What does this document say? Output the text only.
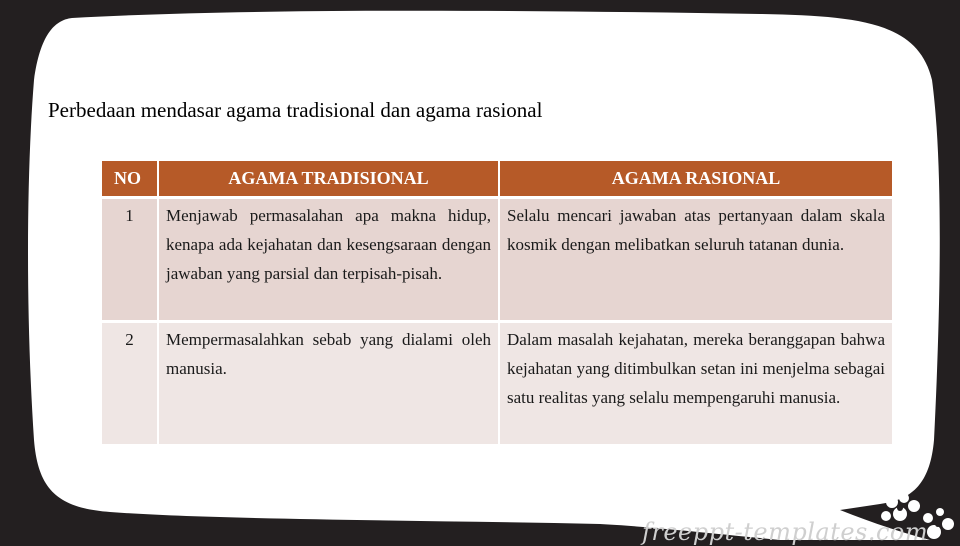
Perbedaan mendasar agama tradisional dan agama rasional
NO	AGAMA TRADISIONAL	AGAMA RASIONAL
1	Menjawab permasalahan apa makna hidup, kenapa ada kejahatan dan kesengsaraan dengan jawaban yang parsial dan terpisah-pisah.	Selalu mencari jawaban atas pertanyaan dalam skala kosmik dengan melibatkan seluruh tatanan dunia.
2	Mempermasalahkan sebab yang dialami oleh manusia.	Dalam masalah kejahatan, mereka beranggapan bahwa kejahatan yang ditimbulkan setan ini menjelma sebagai satu realitas yang selalu mempengaruhi manusia.
freeppt-templates.com
